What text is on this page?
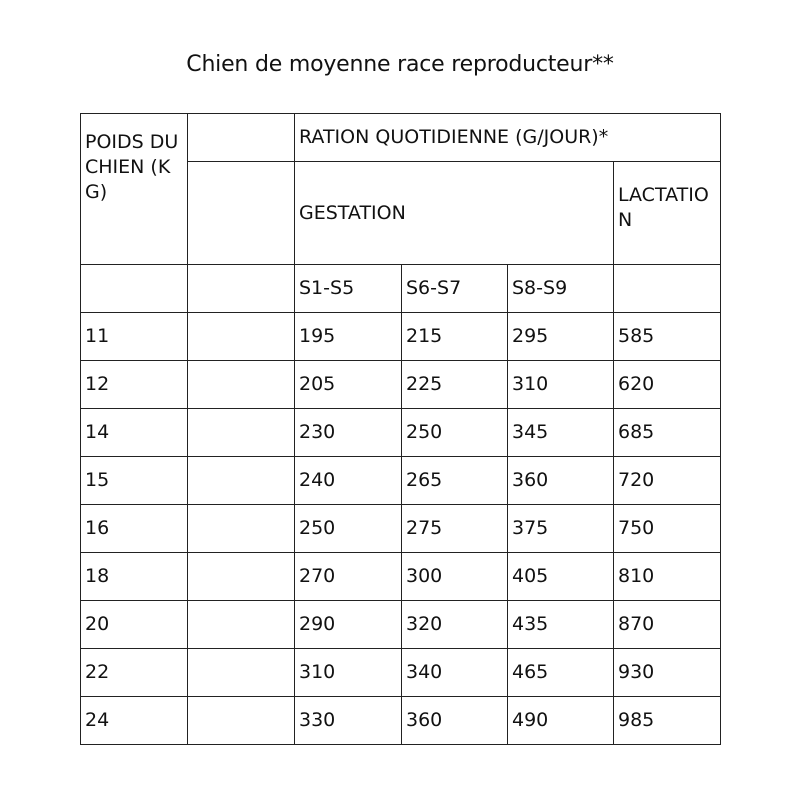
Chien de moyenne race reproducteur**
POIDS DU CHIEN (KG)		RATION QUOTIDIENNE (G/JOUR)*			
		GESTATION			LACTATION
		S1-S5	S6-S7	S8-S9	
11		195	215	295	585
12		205	225	310	620
14		230	250	345	685
15		240	265	360	720
16		250	275	375	750
18		270	300	405	810
20		290	320	435	870
22		310	340	465	930
24		330	360	490	985
